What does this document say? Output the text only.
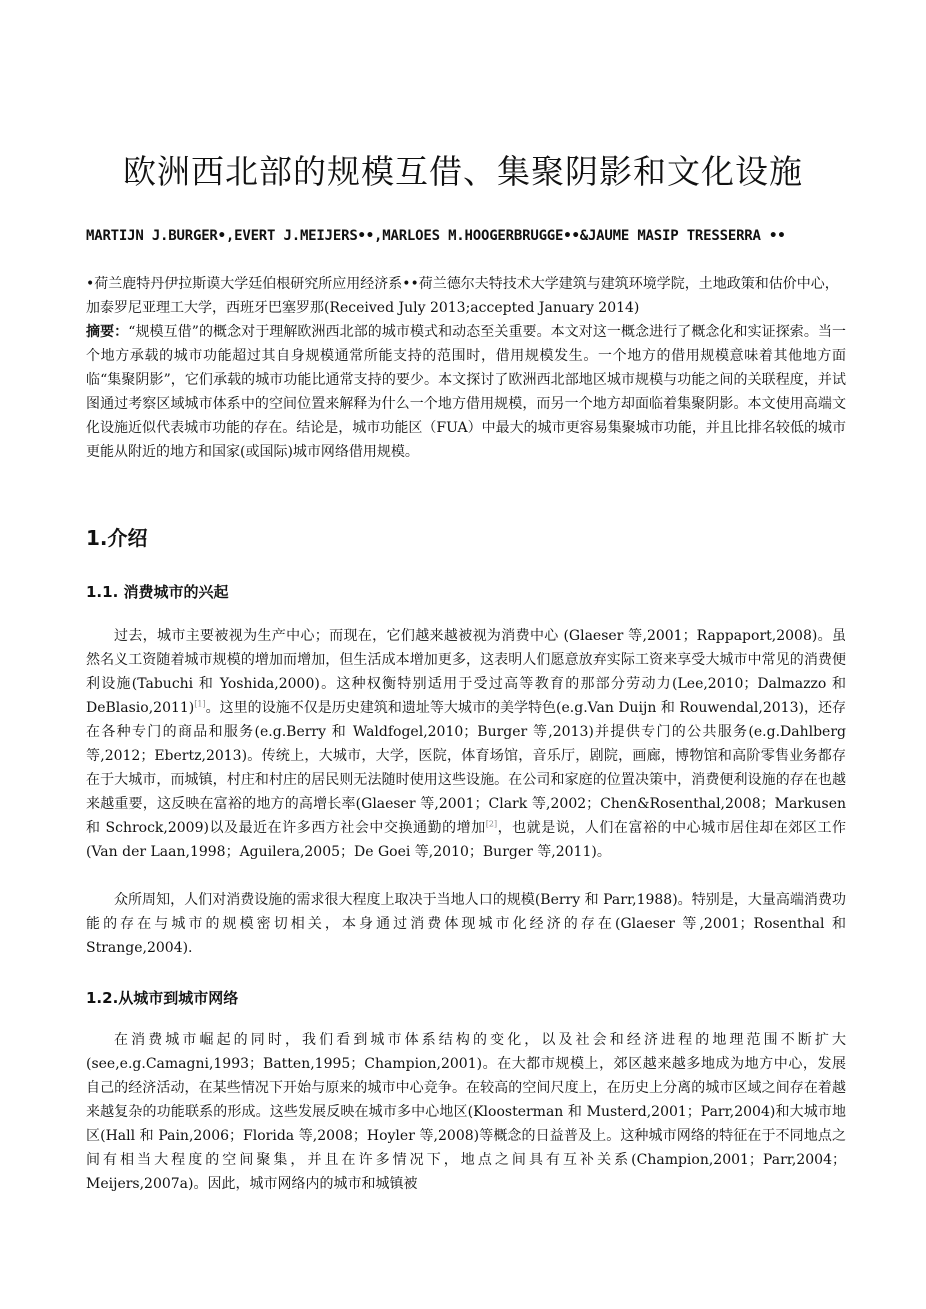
欧洲西北部的规模互借、集聚阴影和文化设施
MARTIJN J.BURGER•,EVERT J.MEIJERS••,MARLOES M.HOOGERBRUGGE••&JAUME MASIP TRESSERRA ••
•荷兰鹿特丹伊拉斯谟大学廷伯根研究所应用经济系••荷兰德尔夫特技术大学建筑与建筑环境学院，土地政策和估价中心，加泰罗尼亚理工大学，西班牙巴塞罗那(Received July 2013;accepted January 2014)
摘要：“规模互借”的概念对于理解欧洲西北部的城市模式和动态至关重要。本文对这一概念进行了概念化和实证探索。当一个地方承载的城市功能超过其自身规模通常所能支持的范围时，借用规模发生。一个地方的借用规模意味着其他地方面临“集聚阴影”，它们承载的城市功能比通常支持的要少。本文探讨了欧洲西北部地区城市规模与功能之间的关联程度，并试图通过考察区域城市体系中的空间位置来解释为什么一个地方借用规模，而另一个地方却面临着集聚阴影。本文使用高端文化设施近似代表城市功能的存在。结论是，城市功能区（FUA）中最大的城市更容易集聚城市功能，并且比排名较低的城市更能从附近的地方和国家(或国际)城市网络借用规模。
1.介绍
1.1. 消费城市的兴起

过去，城市主要被视为生产中心；而现在，它们越来越被视为消费中心 (Glaeser 等,2001；Rappaport,2008)。虽然名义工资随着城市规模的增加而增加，但生活成本增加更多，这表明人们愿意放弃实际工资来享受大城市中常见的消费便利设施(Tabuchi 和 Yoshida,2000)。这种权衡特别适用于受过高等教育的那部分劳动力(Lee,2010；Dalmazzo 和 DeBlasio,2011)[1]。这里的设施不仅是历史建筑和遗址等大城市的美学特色(e.g.Van Duijn 和 Rouwendal,2013)，还存在各种专门的商品和服务(e.g.Berry 和 Waldfogel,2010；Burger 等,2013)并提供专门的公共服务(e.g.Dahlberg 等,2012；Ebertz,2013)。传统上，大城市，大学，医院，体育场馆，音乐厅，剧院，画廊，博物馆和高阶零售业务都存在于大城市，而城镇，村庄和村庄的居民则无法随时使用这些设施。在公司和家庭的位置决策中，消费便利设施的存在也越来越重要，这反映在富裕的地方的高增长率(Glaeser 等,2001；Clark 等,2002；Chen&Rosenthal,2008；Markusen 和 Schrock,2009)以及最近在许多西方社会中交换通勤的增加[2]，也就是说，人们在富裕的中心城市居住却在郊区工作(Van der Laan,1998；Aguilera,2005；De Goei 等,2010；Burger 等,2011)。

众所周知，人们对消费设施的需求很大程度上取决于当地人口的规模(Berry 和 Parr,1988)。特别是，大量高端消费功能的存在与城市的规模密切相关，本身通过消费体现城市化经济的存在(Glaeser 等,2001；Rosenthal 和 Strange,2004).

1.2.从城市到城市网络

在消费城市崛起的同时，我们看到城市体系结构的变化，以及社会和经济进程的地理范围不断扩大(see,e.g.Camagni,1993；Batten,1995；Champion,2001)。在大都市规模上，郊区越来越多地成为地方中心，发展自己的经济活动，在某些情况下开始与原来的城市中心竞争。在较高的空间尺度上，在历史上分离的城市区域之间存在着越来越复杂的功能联系的形成。这些发展反映在城市多中心地区(Kloosterman 和 Musterd,2001；Parr,2004)和大城市地区(Hall 和 Pain,2006；Florida 等,2008；Hoyler 等,2008)等概念的日益普及上。这种城市网络的特征在于不同地点之间有相当大程度的空间聚集，并且在许多情况下，地点之间具有互补关系(Champion,2001；Parr,2004；Meijers,2007a)。因此，城市网络内的城市和城镇被
